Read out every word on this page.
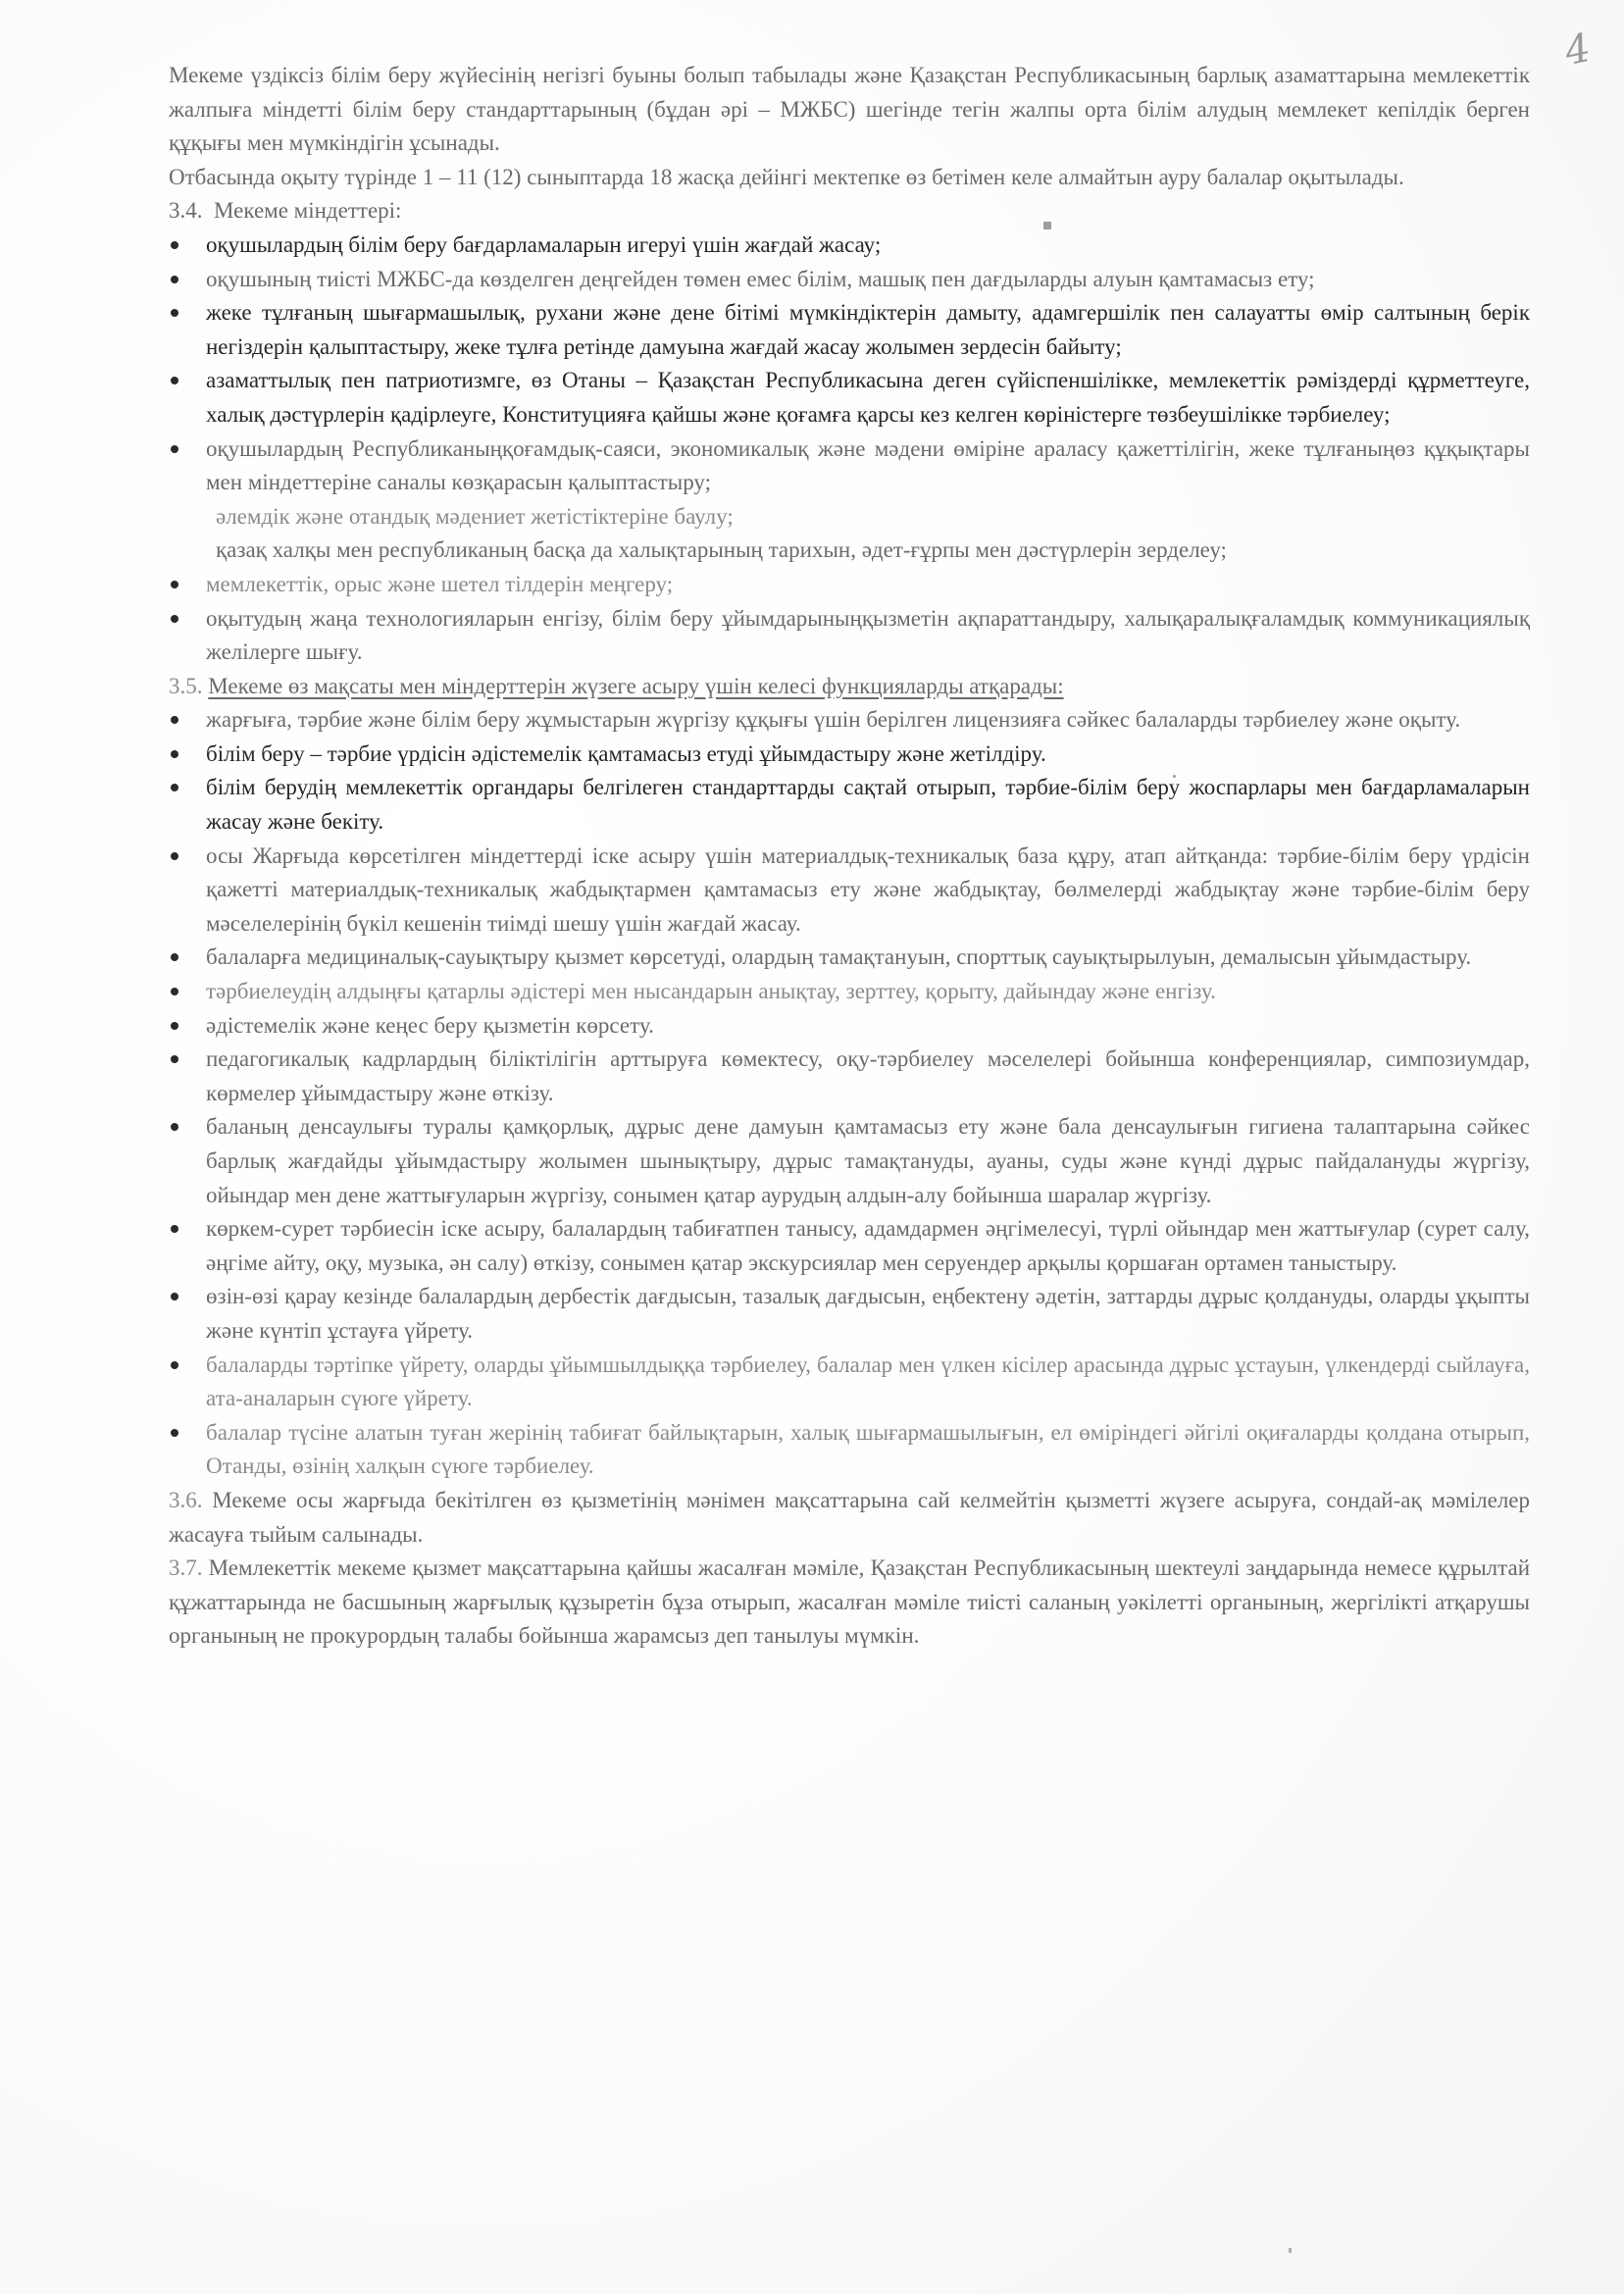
4

Мекеме үздіксіз білім беру жүйесінің негізгі буыны болып табылады және Қазақстан Республикасының барлық азаматтарына мемлекеттік жалпыға міндетті білім беру стандарттарының (бұдан әрі – МЖБС) шегінде тегін жалпы орта білім алудың мемлекет кепілдік берген құқығы мен мүмкіндігін ұсынады.

Отбасында оқыту түрінде 1 – 11 (12) сыныптарда 18 жасқа дейінгі мектепке өз бетімен келе алмайтын ауру балалар оқытылады.

3.4. Мекеме міндеттері:

оқушылардың білім беру бағдарламаларын игеруі үшін жағдай жасау;

оқушының тиісті МЖБС-да көзделген деңгейден төмен емес білім, машық пен дағдыларды алуын қамтамасыз ету;

жеке тұлғаның шығармашылық, рухани және дене бітімі мүмкіндіктерін дамыту, адамгершілік пен салауатты өмір салтының берік негіздерін қалыптастыру, жеке тұлға ретінде дамуына жағдай жасау жолымен зердесін байыту;

азаматтылық пен патриотизмге, өз Отаны – Қазақстан Республикасына деген сүйіспеншілікке, мемлекеттік рәміздерді құрметтеуге, халық дәстүрлерін қадірлеуге, Конституцияға қайшы және қоғамға қарсы кез келген көріністерге төзбеушілікке тәрбиелеу;

оқушылардың Республиканыңқоғамдық-саяси, экономикалық және мәдени өміріне араласу қажеттілігін, жеке тұлғаныңөз құқықтары мен міндеттеріне саналы көзқарасын қалыптастыру;

әлемдік және отандық мәдениет жетістіктеріне баулу;

қазақ халқы мен республиканың басқа да халықтарының тарихын, әдет-ғұрпы мен дәстүрлерін зерделеу;

мемлекеттік, орыс және шетел тілдерін меңгеру;

оқытудың жаңа технологияларын енгізу, білім беру ұйымдарыныңқызметін ақпараттандыру, халықаралықғаламдық коммуникациялық желілерге шығу.

3.5. Мекеме өз мақсаты мен міндерттерін жүзеге асыру үшін келесі функцияларды атқарады:

жарғыға, тәрбие және білім беру жұмыстарын жүргізу құқығы үшін берілген лицензияға сәйкес балаларды тәрбиелеу және оқыту.

білім беру – тәрбие үрдісін әдістемелік қамтамасыз етуді ұйымдастыру және жетілдіру.

білім берудің мемлекеттік органдары белгілеген стандарттарды сақтай отырып, тәрбие-білім беру жоспарлары мен бағдарламаларын жасау және бекіту.

осы Жарғыда көрсетілген міндеттерді іске асыру үшін материалдық-техникалық база құру, атап айтқанда: тәрбие-білім беру үрдісін қажетті материалдық-техникалық жабдықтармен қамтамасыз ету және жабдықтау, бөлмелерді жабдықтау және тәрбие-білім беру мәселелерінің бүкіл кешенін тиімді шешу үшін жағдай жасау.

балаларға медициналық-сауықтыру қызмет көрсетуді, олардың тамақтануын, спорттық сауықтырылуын, демалысын ұйымдастыру.

тәрбиелеудің алдыңғы қатарлы әдістері мен нысандарын анықтау, зерттеу, қорыту, дайындау және енгізу.

әдістемелік және кеңес беру қызметін көрсету.

педагогикалық кадрлардың біліктілігін арттыруға көмектесу, оқу-тәрбиелеу мәселелері бойынша конференциялар, симпозиумдар, көрмелер ұйымдастыру және өткізу.

баланың денсаулығы туралы қамқорлық, дұрыс дене дамуын қамтамасыз ету және бала денсаулығын гигиена талаптарына сәйкес барлық жағдайды ұйымдастыру жолымен шынықтыру, дұрыс тамақтануды, ауаны, суды және күнді дұрыс пайдалануды жүргізу, ойындар мен дене жаттығуларын жүргізу, сонымен қатар аурудың алдын-алу бойынша шаралар жүргізу.

көркем-сурет тәрбиесін іске асыру, балалардың табиғатпен танысу, адамдармен әңгімелесуі, түрлі ойындар мен жаттығулар (сурет салу, әңгіме айту, оқу, музыка, ән салу) өткізу, сонымен қатар экскурсиялар мен серуендер арқылы қоршаған ортамен таныстыру.

өзін-өзі қарау кезінде балалардың дербестік дағдысын, тазалық дағдысын, еңбектену әдетін, заттарды дұрыс қолдануды, оларды ұқыпты және күнтіп ұстауға үйрету.

балаларды тәртіпке үйрету, оларды ұйымшылдыққа тәрбиелеу, балалар мен үлкен кісілер арасында дұрыс ұстауын, үлкендерді сыйлауға, ата-аналарын сүюге үйрету.

балалар түсіне алатын туған жерінің табиғат байлықтарын, халық шығармашылығын, ел өміріндегі әйгілі оқиғаларды қолдана отырып, Отанды, өзінің халқын сүюге тәрбиелеу.

3.6. Мекеме осы жарғыда бекітілген өз қызметінің мәнімен мақсаттарына сай келмейтін қызметті жүзеге асыруға, сондай-ақ мәмілелер жасауға тыйым салынады.

3.7. Мемлекеттік мекеме қызмет мақсаттарына қайшы жасалған мәміле, Қазақстан Республикасының шектеулі заңдарында немесе құрылтай құжаттарында не басшының жарғылық құзыретін бұза отырып, жасалған мәміле тиісті саланың уәкілетті органының, жергілікті атқарушы органының не прокурордың талабы бойынша жарамсыз деп танылуы мүмкін.
